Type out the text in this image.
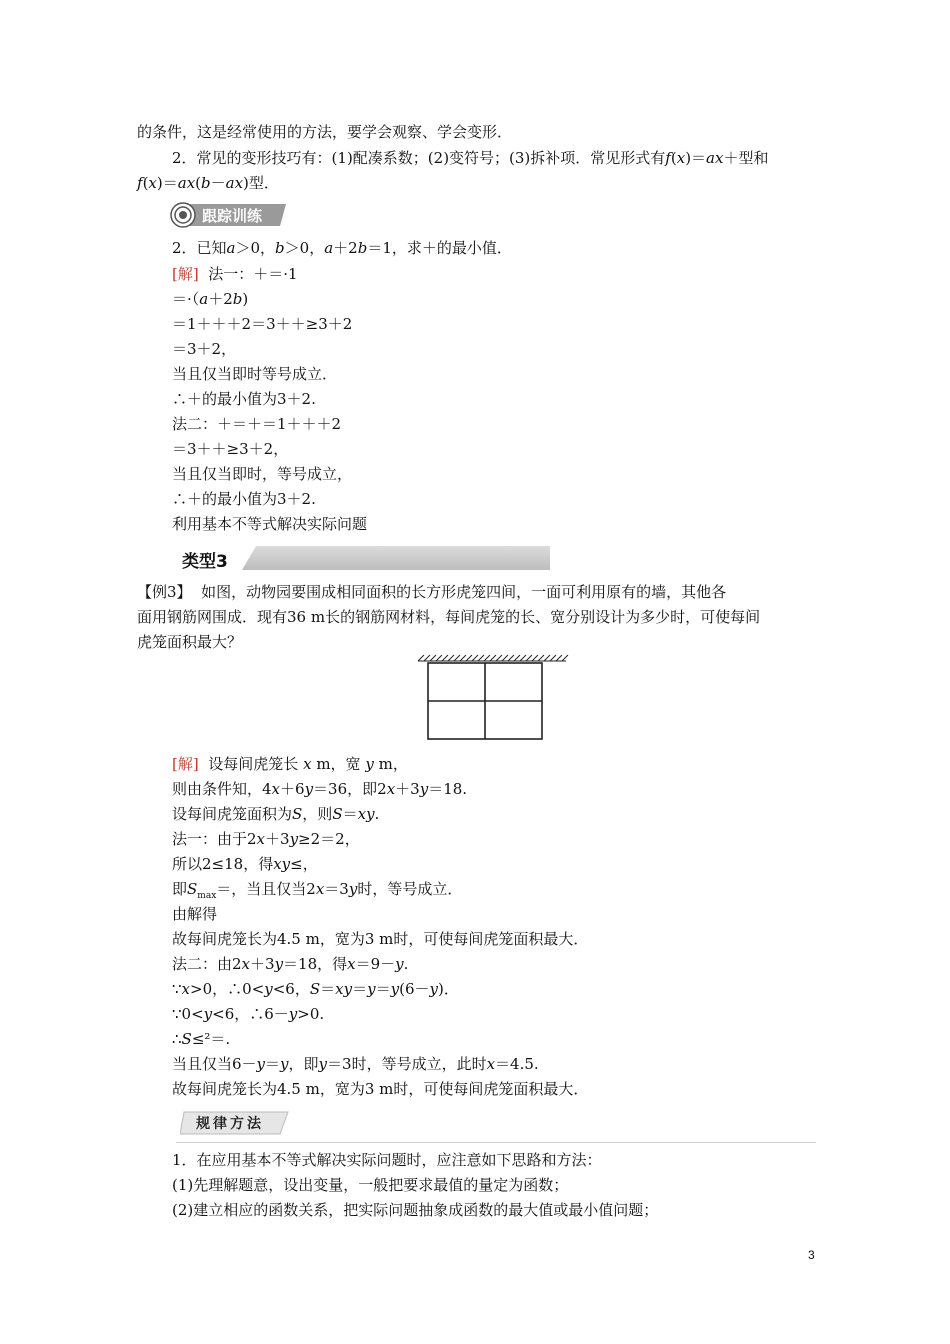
的条件，这是经常使用的方法，要学会观察、学会变形．
2．常见的变形技巧有：(1)配凑系数；(2)变符号；(3)拆补项．常见形式有f(x)＝ax＋型和
f(x)＝ax(b－ax)型．
跟踪训练
2．已知a＞0，b＞0，a＋2b＝1，求＋的最小值．
[解] 法一：＋＝·1
＝·（a＋2b)
＝1＋＋＋2＝3＋＋≥3＋2
＝3＋2，
当且仅当即时等号成立．
∴＋的最小值为3＋2.
法二：＋＝＋＝1＋＋＋2
＝3＋＋≥3＋2，
当且仅当即时，等号成立，
∴＋的最小值为3＋2.
利用基本不等式解决实际问题
类型3
【例3】 如图，动物园要围成相同面积的长方形虎笼四间，一面可利用原有的墙，其他各
面用钢筋网围成．现有36 m长的钢筋网材料，每间虎笼的长、宽分别设计为多少时，可使每间
虎笼面积最大？
[解] 设每间虎笼长 x m，宽 y m，
则由条件知，4x＋6y＝36，即2x＋3y＝18.
设每间虎笼面积为S，则S＝xy.
法一：由于2x＋3y≥2＝2，
所以2≤18，得xy≤，
即$S_{max}=$，当且仅当2x＝3y时，等号成立．
由解得
故每间虎笼长为4.5 m，宽为3 m时，可使每间虎笼面积最大．
法二：由2x＋3y＝18，得x＝9－y.
∵x>0，∴0<y<6，S＝xy＝y＝y(6－y)．
∵0<y<6，∴6－y>0.
∴S≤²＝.
当且仅当6－y＝y，即y＝3时，等号成立，此时x＝4.5.
故每间虎笼长为4.5 m，宽为3 m时，可使每间虎笼面积最大．
规律方法
1．在应用基本不等式解决实际问题时，应注意如下思路和方法：
(1)先理解题意，设出变量，一般把要求最值的量定为函数；
(2)建立相应的函数关系，把实际问题抽象成函数的最大值或最小值问题；
3
